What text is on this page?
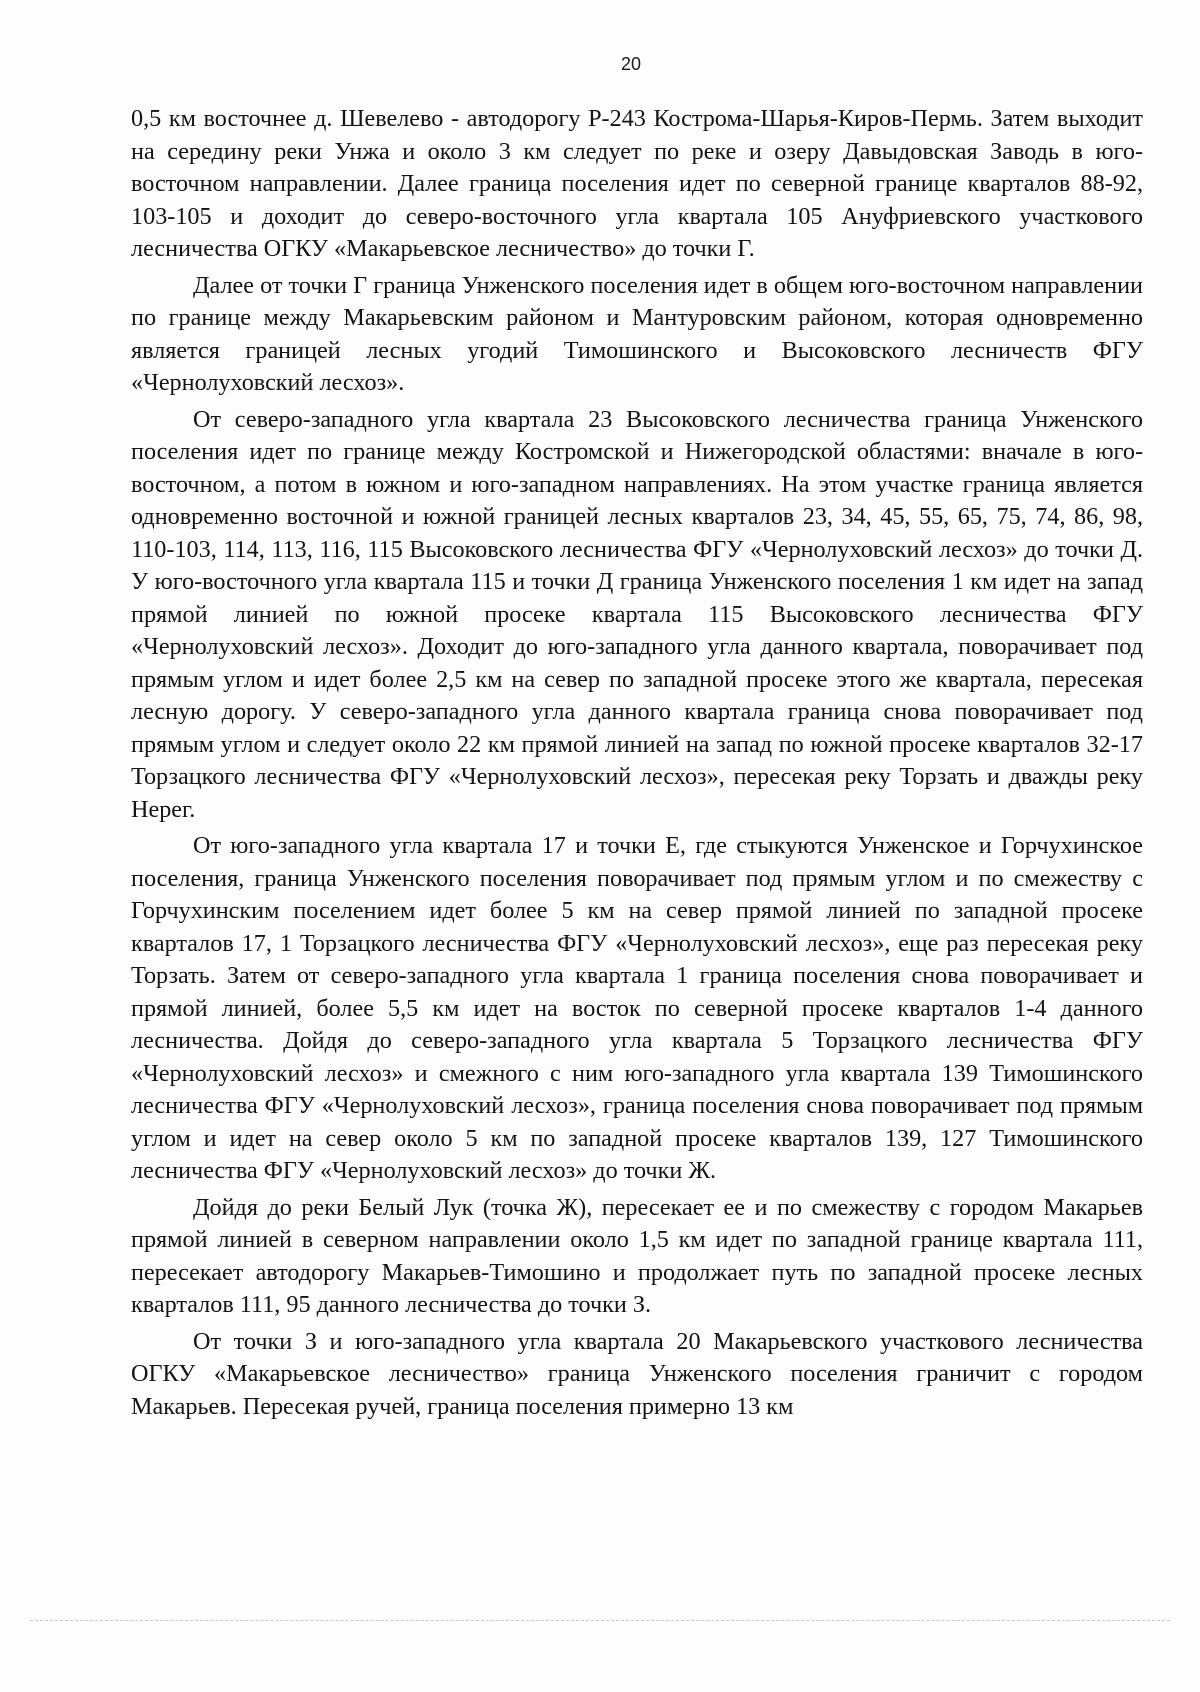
20

0,5 км восточнее д. Шевелево - автодорогу Р-243 Кострома-Шарья-Киров-Пермь. Затем выходит на середину реки Унжа и около 3 км следует по реке и озеру Давыдовская Заводь в юго-восточном направлении. Далее граница поселения идет по северной границе кварталов 88-92, 103-105 и доходит до северо-восточного угла квартала 105 Ануфриевского участкового лесничества ОГКУ «Макарьевское лесничество» до точки Г.

Далее от точки Г граница Унженского поселения идет в общем юго-восточном направлении по границе между Макарьевским районом и Мантуровским районом, которая одновременно является границей лесных угодий Тимошинского и Высоковского лесничеств ФГУ «Чернолуховский лесхоз».

От северо-западного угла квартала 23 Высоковского лесничества граница Унженского поселения идет по границе между Костромской и Нижегородской областями: вначале в юго-восточном, а потом в южном и юго-западном направлениях. На этом участке граница является одновременно восточной и южной границей лесных кварталов 23, 34, 45, 55, 65, 75, 74, 86, 98, 110-103, 114, 113, 116, 115 Высоковского лесничества ФГУ «Чернолуховский лесхоз» до точки Д. У юго-восточного угла квартала 115 и точки Д граница Унженского поселения 1 км идет на запад прямой линией по южной просеке квартала 115 Высоковского лесничества ФГУ «Чернолуховский лесхоз». Доходит до юго-западного угла данного квартала, поворачивает под прямым углом и идет более 2,5 км на север по западной просеке этого же квартала, пересекая лесную дорогу. У северо-западного угла данного квартала граница снова поворачивает под прямым углом и следует около 22 км прямой линией на запад по южной просеке кварталов 32-17 Торзацкого лесничества ФГУ «Чернолуховский лесхоз», пересекая реку Торзать и дважды реку Нерег.

От юго-западного угла квартала 17 и точки Е, где стыкуются Унженское и Горчухинское поселения, граница Унженского поселения поворачивает под прямым углом и по смежеству с Горчухинским поселением идет более 5 км на север прямой линией по западной просеке кварталов 17, 1 Торзацкого лесничества ФГУ «Чернолуховский лесхоз», еще раз пересекая реку Торзать. Затем от северо-западного угла квартала 1 граница поселения снова поворачивает и прямой линией, более 5,5 км идет на восток по северной просеке кварталов 1-4 данного лесничества. Дойдя до северо-западного угла квартала 5 Торзацкого лесничества ФГУ «Чернолуховский лесхоз» и смежного с ним юго-западного угла квартала 139 Тимошинского лесничества ФГУ «Чернолуховский лесхоз», граница поселения снова поворачивает под прямым углом и идет на север около 5 км по западной просеке кварталов 139, 127 Тимошинского лесничества ФГУ «Чернолуховский лесхоз» до точки Ж.

Дойдя до реки Белый Лук (точка Ж), пересекает ее и по смежеству с городом Макарьев прямой линией в северном направлении около 1,5 км идет по западной границе квартала 111, пересекает автодорогу Макарьев-Тимошино и продолжает путь по западной просеке лесных кварталов 111, 95 данного лесничества до точки З.

От точки З и юго-западного угла квартала 20 Макарьевского участкового лесничества ОГКУ «Макарьевское лесничество» граница Унженского поселения граничит с городом Макарьев. Пересекая ручей, граница поселения примерно 13 км
